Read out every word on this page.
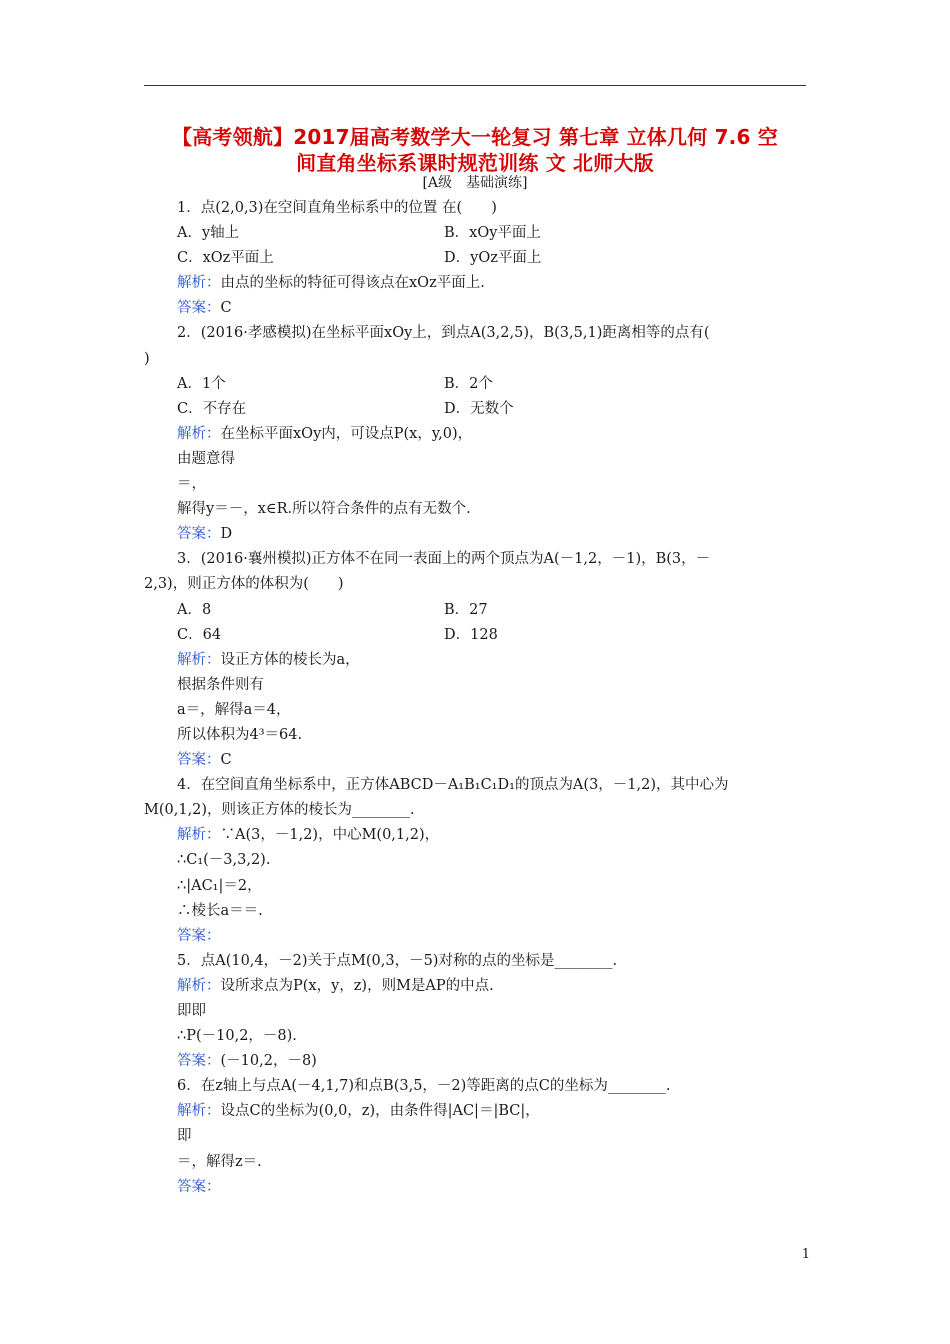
【高考领航】2017届高考数学大一轮复习 第七章 立体几何 7.6 空
间直角坐标系课时规范训练 文 北师大版
[A级　基础演练]
1．点(2,0,3)在空间直角坐标系中的位置 在(　　)
A．y轴上	B．xOy平面上
C．xOz平面上	D．yOz平面上
解析：由点的坐标的特征可得该点在xOz平面上.
答案：C
2．(2016·孝感模拟)在坐标平面xOy上，到点A(3,2,5)，B(3,5,1)距离相等的点有(
)
A．1个	B．2个
C．不存在	D．无数个
解析：在坐标平面xOy内，可设点P(x，y,0)，
由题意得
＝，
解得y＝－，x∈R.所以符合条件的点有无数个.
答案：D
3．(2016·襄州模拟)正方体不在同一表面上的两个顶点为A(－1,2，－1)，B(3，－
2,3)，则正方体的体积为(　　)
A．8	B．27
C．64	D．128
解析：设正方体的棱长为a，
根据条件则有
a＝，解得a＝4，
所以体积为4³＝64.
答案：C
4．在空间直角坐标系中，正方体ABCD－A₁B₁C₁D₁的顶点为A(3，－1,2)，其中心为
M(0,1,2)，则该正方体的棱长为________.
解析：∵A(3，－1,2)，中心M(0,1,2)，
∴C₁(－3,3,2).
∴|AC₁|＝2，
∴棱长a＝＝.
答案：
5．点A(10,4，－2)关于点M(0,3，－5)对称的点的坐标是________.
解析：设所求点为P(x，y，z)，则M是AP的中点.
即即
∴P(－10,2，－8).
答案：(－10,2，－8)
6．在z轴上与点A(－4,1,7)和点B(3,5，－2)等距离的点C的坐标为________.
解析：设点C的坐标为(0,0，z)，由条件得|AC|＝|BC|，
即
＝，解得z＝.
答案：
1
